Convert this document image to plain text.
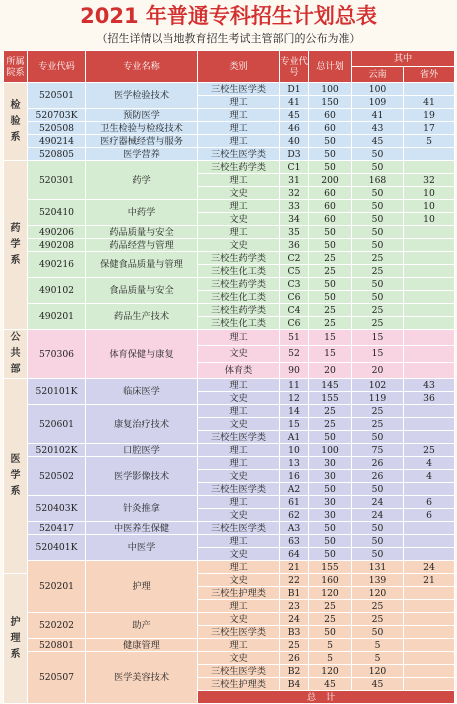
2021 年普通专科招生计划总表
（招生详情以当地教育招生考试主管部门的公布为准）
所属院系	专业代码	专业名称	类别	专业代号	总计划	其中		
						云南	省外	
检验系	520501	医学检验技术	三校生医学类	D1	100	100		
			理工	41	150	109	41	
	520703K	预防医学	理工	45	60	41	19	
	520508	卫生检验与检疫技术	理工	46	60	43	17	
	490214	医疗器械经营与服务	理工	40	50	45	5	
	520805	医学营养	三校生医学类	D3	50	50		
药学系	520301	药学	三校生药学类	C1	50	50		
			理工	31	200	168	32	
			文史	32	60	50	10	
	520410	中药学	理工	33	60	50	10	
			文史	34	60	50	10	
	490206	药品质量与安全	理工	35	50	50		
	490208	药品经营与管理	文史	36	50	50		
	490216	保健食品质量与管理	三校生药学类	C2	25	25		
			三校生化工类	C5	25	25		
	490102	食品质量与安全	三校生药学类	C3	50	50		
			三校生化工类	C6	50	50		
	490201	药品生产技术	三校生药学类	C4	25	25		
			三校生化工类	C6	25	25		
公共部	570306	体育保健与康复	理工	51	15	15		
			文史	52	15	15		
			体育类	90	20	20		
医学系	520101K	临床医学	理工	11	145	102	43	
			文史	12	155	119	36	
	520601	康复治疗技术	理工	14	25	25		
			文史	15	25	25		
			三校生医学类	A1	50	50		
	520102K	口腔医学	理工	10	100	75	25	
	520502	医学影像技术	理工	13	30	26	4	
			文史	16	30	26	4	
			三校生医学类	A2	50	50		
	520403K	针灸推拿	理工	61	30	24	6	
			文史	62	30	24	6	
	520417	中医养生保健	三校生医学类	A3	50	50		
	520401K	中医学	理工	63	50	50		
			文史	64	50	50		
	520201	护理	理工	21	155	131	24	
护理系			文史	22	160	139	21	
			三校生护理类	B1	120	120		
			理工	23	25	25		
	520202	助产	文史	24	25	25		
			三校生医学类	B3	50	50		
	520801	健康管理	理工	25	5	5		
	520507	医学美容技术	文史	26	5	5		
			三校生医学类	B2	120	120		
			三校生护理类	B4	45	45		
			总计			
